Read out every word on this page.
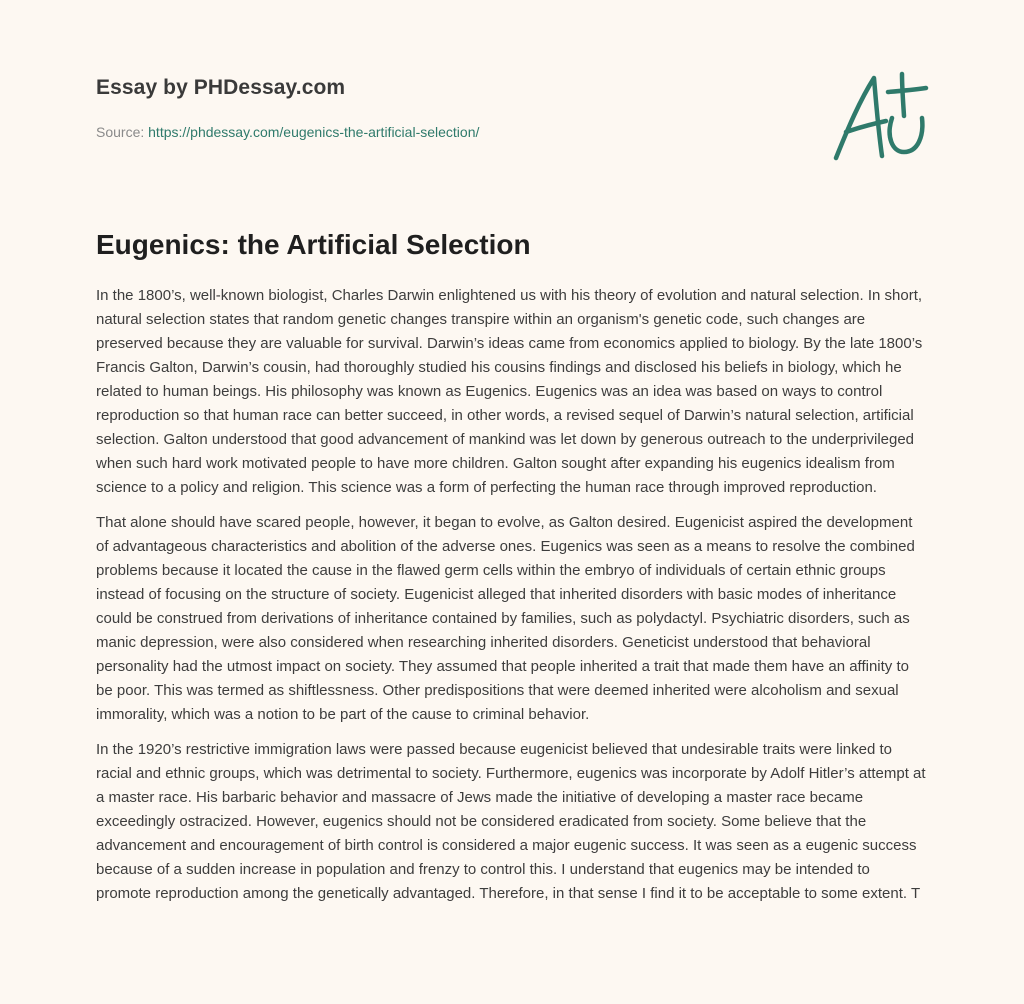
Essay by PHDessay.com

Source: https://phdessay.com/eugenics-the-artificial-selection/

Eugenics: the Artificial Selection

In the 1800’s, well-known biologist, Charles Darwin enlightened us with his theory of evolution and natural selection. In short, natural selection states that random genetic changes transpire within an organism's genetic code, such changes are preserved because they are valuable for survival. Darwin’s ideas came from economics applied to biology. By the late 1800’s Francis Galton, Darwin’s cousin, had thoroughly studied his cousins findings and disclosed his beliefs in biology, which he related to human beings. His philosophy was known as Eugenics. Eugenics was an idea was based on ways to control reproduction so that human race can better succeed, in other words, a revised sequel of Darwin’s natural selection, artificial selection. Galton understood that good advancement of mankind was let down by generous outreach to the underprivileged when such hard work motivated people to have more children. Galton sought after expanding his eugenics idealism from science to a policy and religion. This science was a form of perfecting the human race through improved reproduction.

That alone should have scared people, however, it began to evolve, as Galton desired. Eugenicist aspired the development of advantageous characteristics and abolition of the adverse ones. Eugenics was seen as a means to resolve the combined problems because it located the cause in the flawed germ cells within the embryo of individuals of certain ethnic groups instead of focusing on the structure of society. Eugenicist alleged that inherited disorders with basic modes of inheritance could be construed from derivations of inheritance contained by families, such as polydactyl. Psychiatric disorders, such as manic depression, were also considered when researching inherited disorders. Geneticist understood that behavioral personality had the utmost impact on society. They assumed that people inherited a trait that made them have an affinity to be poor. This was termed as shiftlessness. Other predispositions that were deemed inherited were alcoholism and sexual immorality, which was a notion to be part of the cause to criminal behavior.

In the 1920’s restrictive immigration laws were passed because eugenicist believed that undesirable traits were linked to racial and ethnic groups, which was detrimental to society. Furthermore, eugenics was incorporate by Adolf Hitler’s attempt at a master race. His barbaric behavior and massacre of Jews made the initiative of developing a master race became exceedingly ostracized. However, eugenics should not be considered eradicated from society. Some believe that the advancement and encouragement of birth control is considered a major eugenic success. It was seen as a eugenic success because of a sudden increase in population and frenzy to control this. I understand that eugenics may be intended to promote reproduction among the genetically advantaged. Therefore, in that sense I find it to be acceptable to some extent. T
